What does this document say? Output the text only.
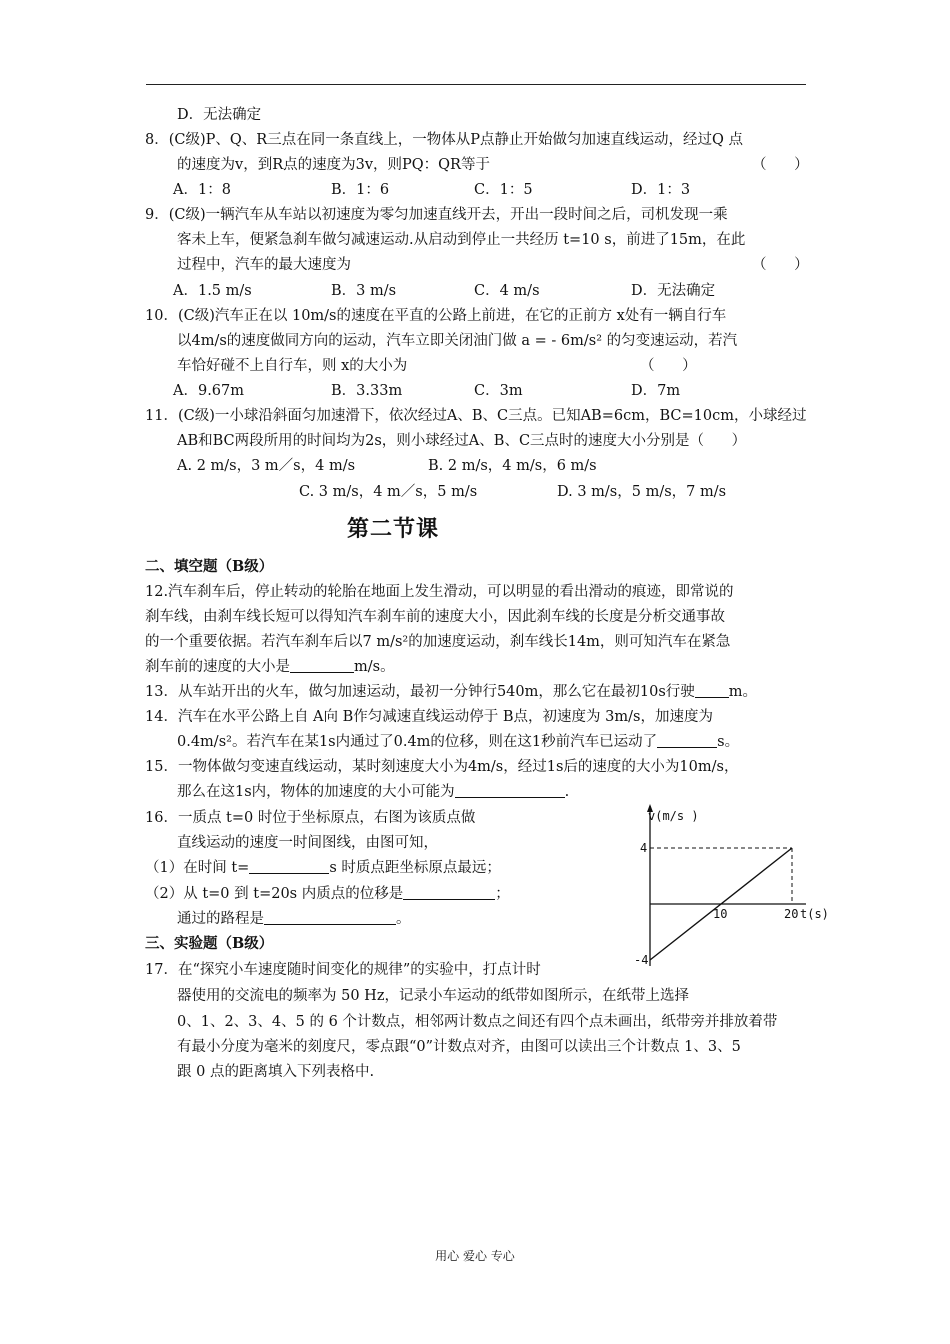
D．无法确定
8．(C级)P、Q、R三点在同一条直线上，一物体从P点静止开始做匀加速直线运动，经过Q 点
的速度为v，到R点的速度为3v，则PQ：QR等于	（      ）
A．1：8	B．1：6	C．1：5	D．1：3
9．(C级)一辆汽车从车站以初速度为零匀加速直线开去，开出一段时间之后，司机发现一乘
客未上车，便紧急刹车做匀减速运动.从启动到停止一共经历 t=10 s，前进了15m，在此
过程中，汽车的最大速度为	（      ）
A．1.5 m/s	B．3 m/s	C．4 m/s	D．无法确定
10．(C级)汽车正在以 10m/s的速度在平直的公路上前进，在它的正前方 x处有一辆自行车
以4m/s的速度做同方向的运动，汽车立即关闭油门做 a = - 6m/s² 的匀变速运动，若汽
车恰好碰不上自行车，则 x的大小为	（      ）
A．9.67m	B．3.33m	C．3m	D．7m
11．(C级)一小球沿斜面匀加速滑下，依次经过A、B、C三点。已知AB=6cm，BC=10cm，小球经过
AB和BC两段所用的时间均为2s，则小球经过A、B、C三点时的速度大小分别是（      ）
A. 2 m/s，3 m／s，4 m/s	B. 2 m/s，4 m/s，6 m/s
C. 3 m/s，4 m／s，5 m/s	D. 3 m/s，5 m/s，7 m/s
第二节课
二、填空题（B级）
12.汽车刹车后，停止转动的轮胎在地面上发生滑动，可以明显的看出滑动的痕迹，即常说的
刹车线，由刹车线长短可以得知汽车刹车前的速度大小，因此刹车线的长度是分析交通事故
的一个重要依据。若汽车刹车后以7 m/s²的加速度运动，刹车线长14m，则可知汽车在紧急
刹车前的速度的大小是	m/s。
13．从车站开出的火车，做匀加速运动，最初一分钟行540m，那么它在最初10s行驶 m。
14．汽车在水平公路上自 A向 B作匀减速直线运动停于 B点，初速度为 3m/s，加速度为
0.4m/s²。若汽车在某1s内通过了0.4m的位移，则在这1秒前汽车已运动了	s。
15．一物体做匀变速直线运动，某时刻速度大小为4m/s，经过1s后的速度的大小为10m/s，
那么在这1s内，物体的加速度的大小可能为	.
16．一质点 t=0 时位于坐标原点，右图为该质点做
直线运动的速度一时间图线，由图可知，
（1）在时间 t=	s 时质点距坐标原点最远；
（2）从 t=0 到 t=20s 内质点的位移是	；
通过的路程是	。
三、实验题（B级）
17．在“探究小车速度随时间变化的规律”的实验中，打点计时
器使用的交流电的频率为 50 Hz，记录小车运动的纸带如图所示，在纸带上选择
0、1、2、3、4、5 的 6 个计数点，相邻两计数点之间还有四个点未画出，纸带旁并排放着带
有最小分度为毫米的刻度尺，零点跟“0”计数点对齐，由图可以读出三个计数点 1、3、5
跟 0 点的距离填入下列表格中.
v(m/s )
t(s)
4
-4
10	20
用心 爱心 专心
